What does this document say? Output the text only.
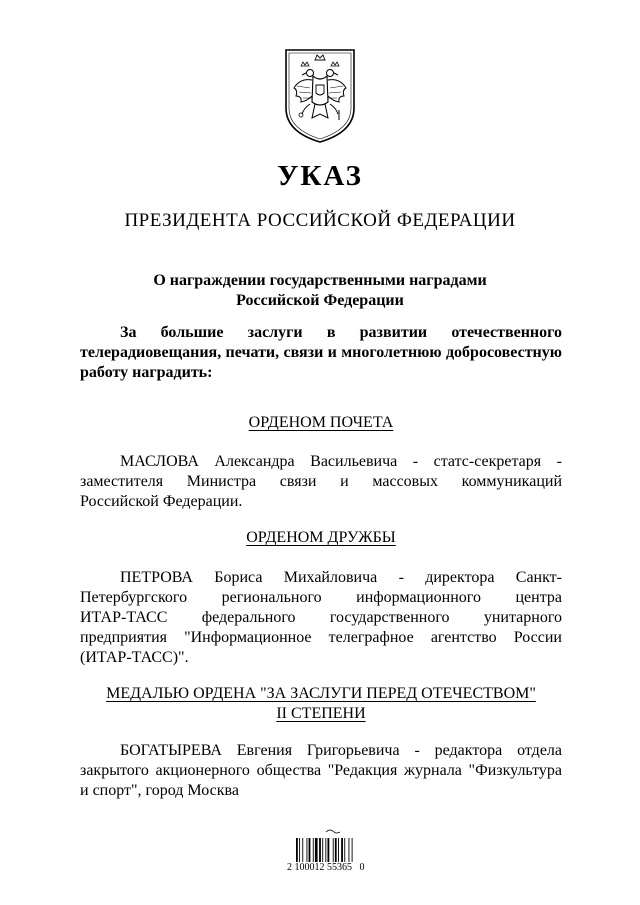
УКАЗ
ПРЕЗИДЕНТА РОССИЙСКОЙ ФЕДЕРАЦИИ
О награждении государственными наградами
Российской Федерации
За большие заслуги в развитии отечественного
телерадиовещания, печати, связи и многолетнюю добросовестную
работу наградить:
ОРДЕНОМ ПОЧЕТА
МАСЛОВА Александра Васильевича - статс-секретаря -
заместителя Министра связи и массовых коммуникаций
Российской Федерации.
ОРДЕНОМ ДРУЖБЫ
ПЕТРОВА Бориса Михайловича - директора Санкт-
Петербургского регионального информационного центра
ИТАР-ТАСС федерального государственного унитарного
предприятия "Информационное телеграфное агентство России
(ИТАР-ТАСС)".
МЕДАЛЬЮ ОРДЕНА "ЗА ЗАСЛУГИ ПЕРЕД ОТЕЧЕСТВОМ"
II СТЕПЕНИ
БОГАТЫРЕВА Евгения Григорьевича - редактора отдела
закрытого акционерного общества "Редакция журнала "Физкультура
и спорт", город Москва
2 100012 55365   0
